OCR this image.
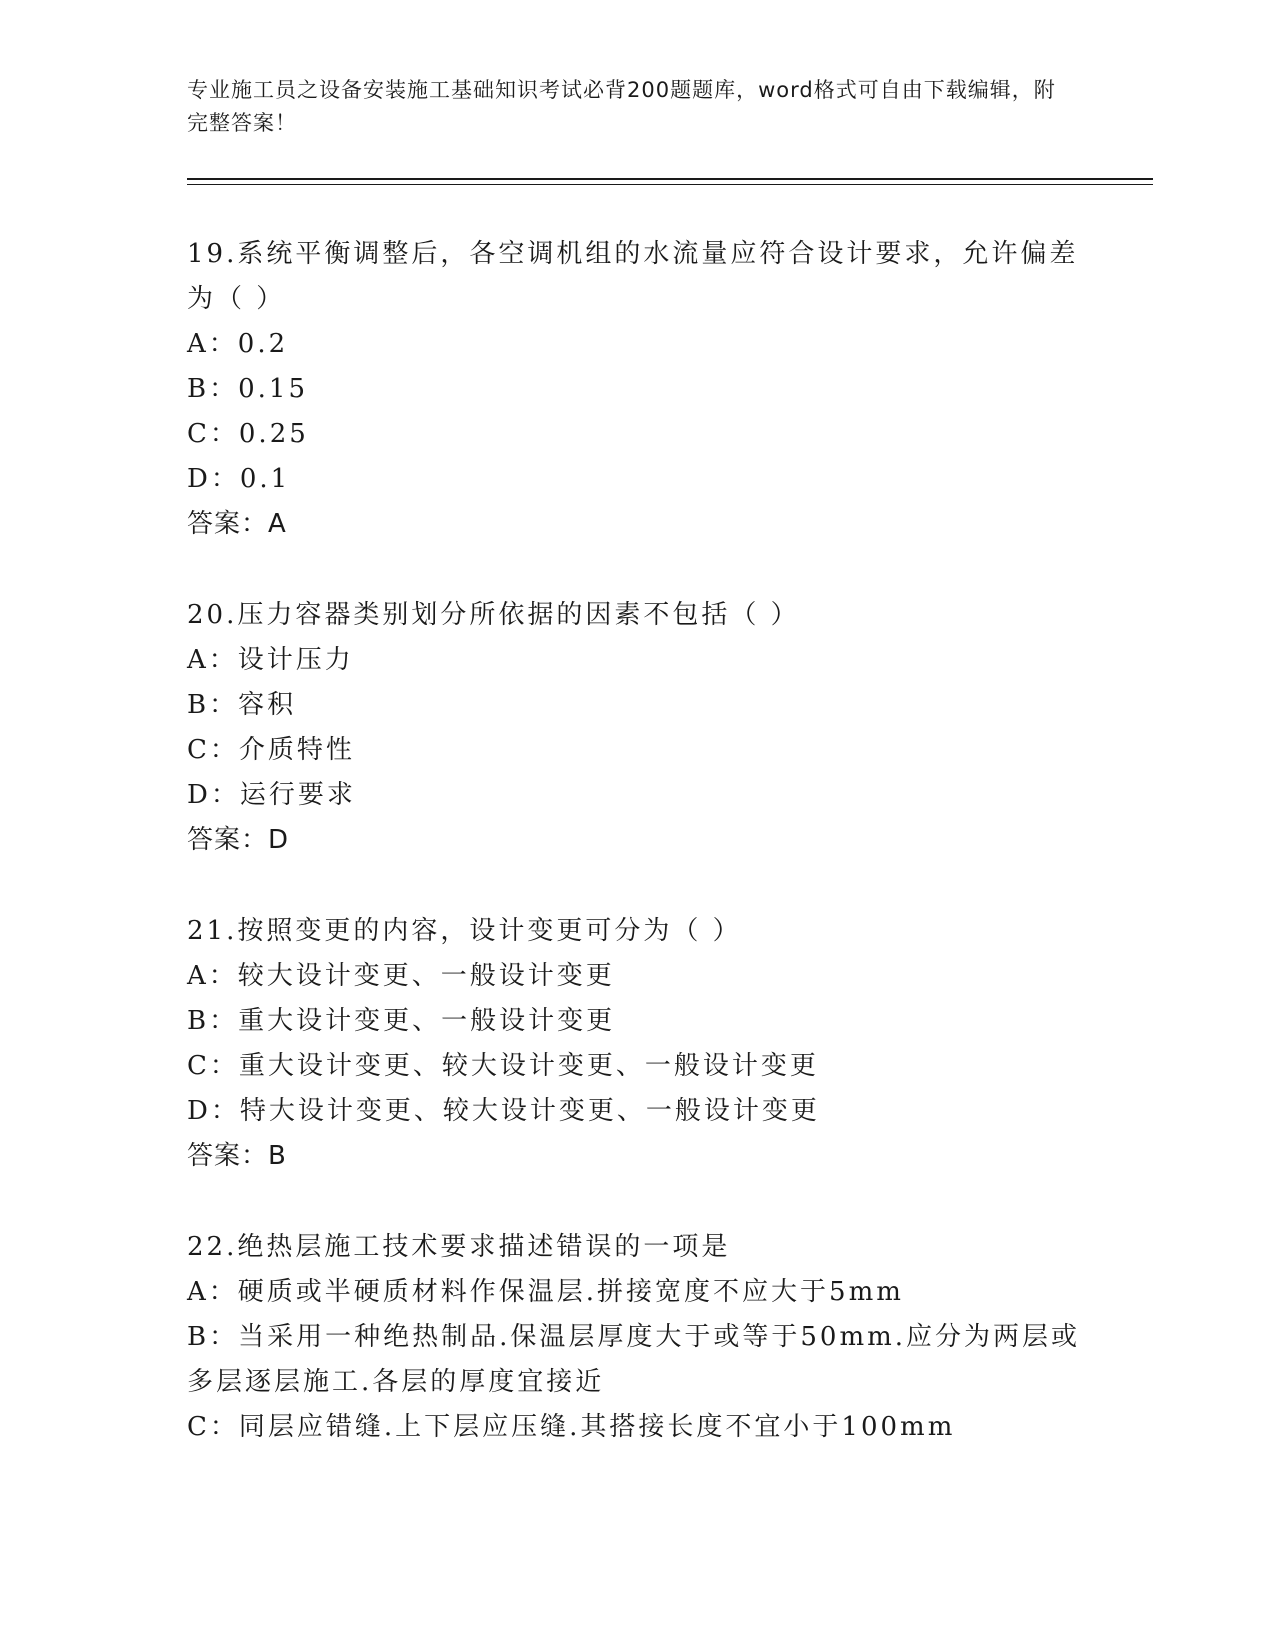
专业施工员之设备安装施工基础知识考试必背200题题库，word格式可自由下载编辑，附完整答案！

19.系统平衡调整后，各空调机组的水流量应符合设计要求，允许偏差为（ ）

A：0.2

B：0.15

C：0.25

D：0.1

答案：A

20.压力容器类别划分所依据的因素不包括（ ）

A：设计压力

B：容积

C：介质特性

D：运行要求

答案：D

21.按照变更的内容，设计变更可分为（ ）

A：较大设计变更、一般设计变更

B：重大设计变更、一般设计变更

C：重大设计变更、较大设计变更、一般设计变更

D：特大设计变更、较大设计变更、一般设计变更

答案：B

22.绝热层施工技术要求描述错误的一项是

A：硬质或半硬质材料作保温层.拼接宽度不应大于5mm

B：当采用一种绝热制品.保温层厚度大于或等于50mm.应分为两层或多层逐层施工.各层的厚度宜接近

C：同层应错缝.上下层应压缝.其搭接长度不宜小于100mm
